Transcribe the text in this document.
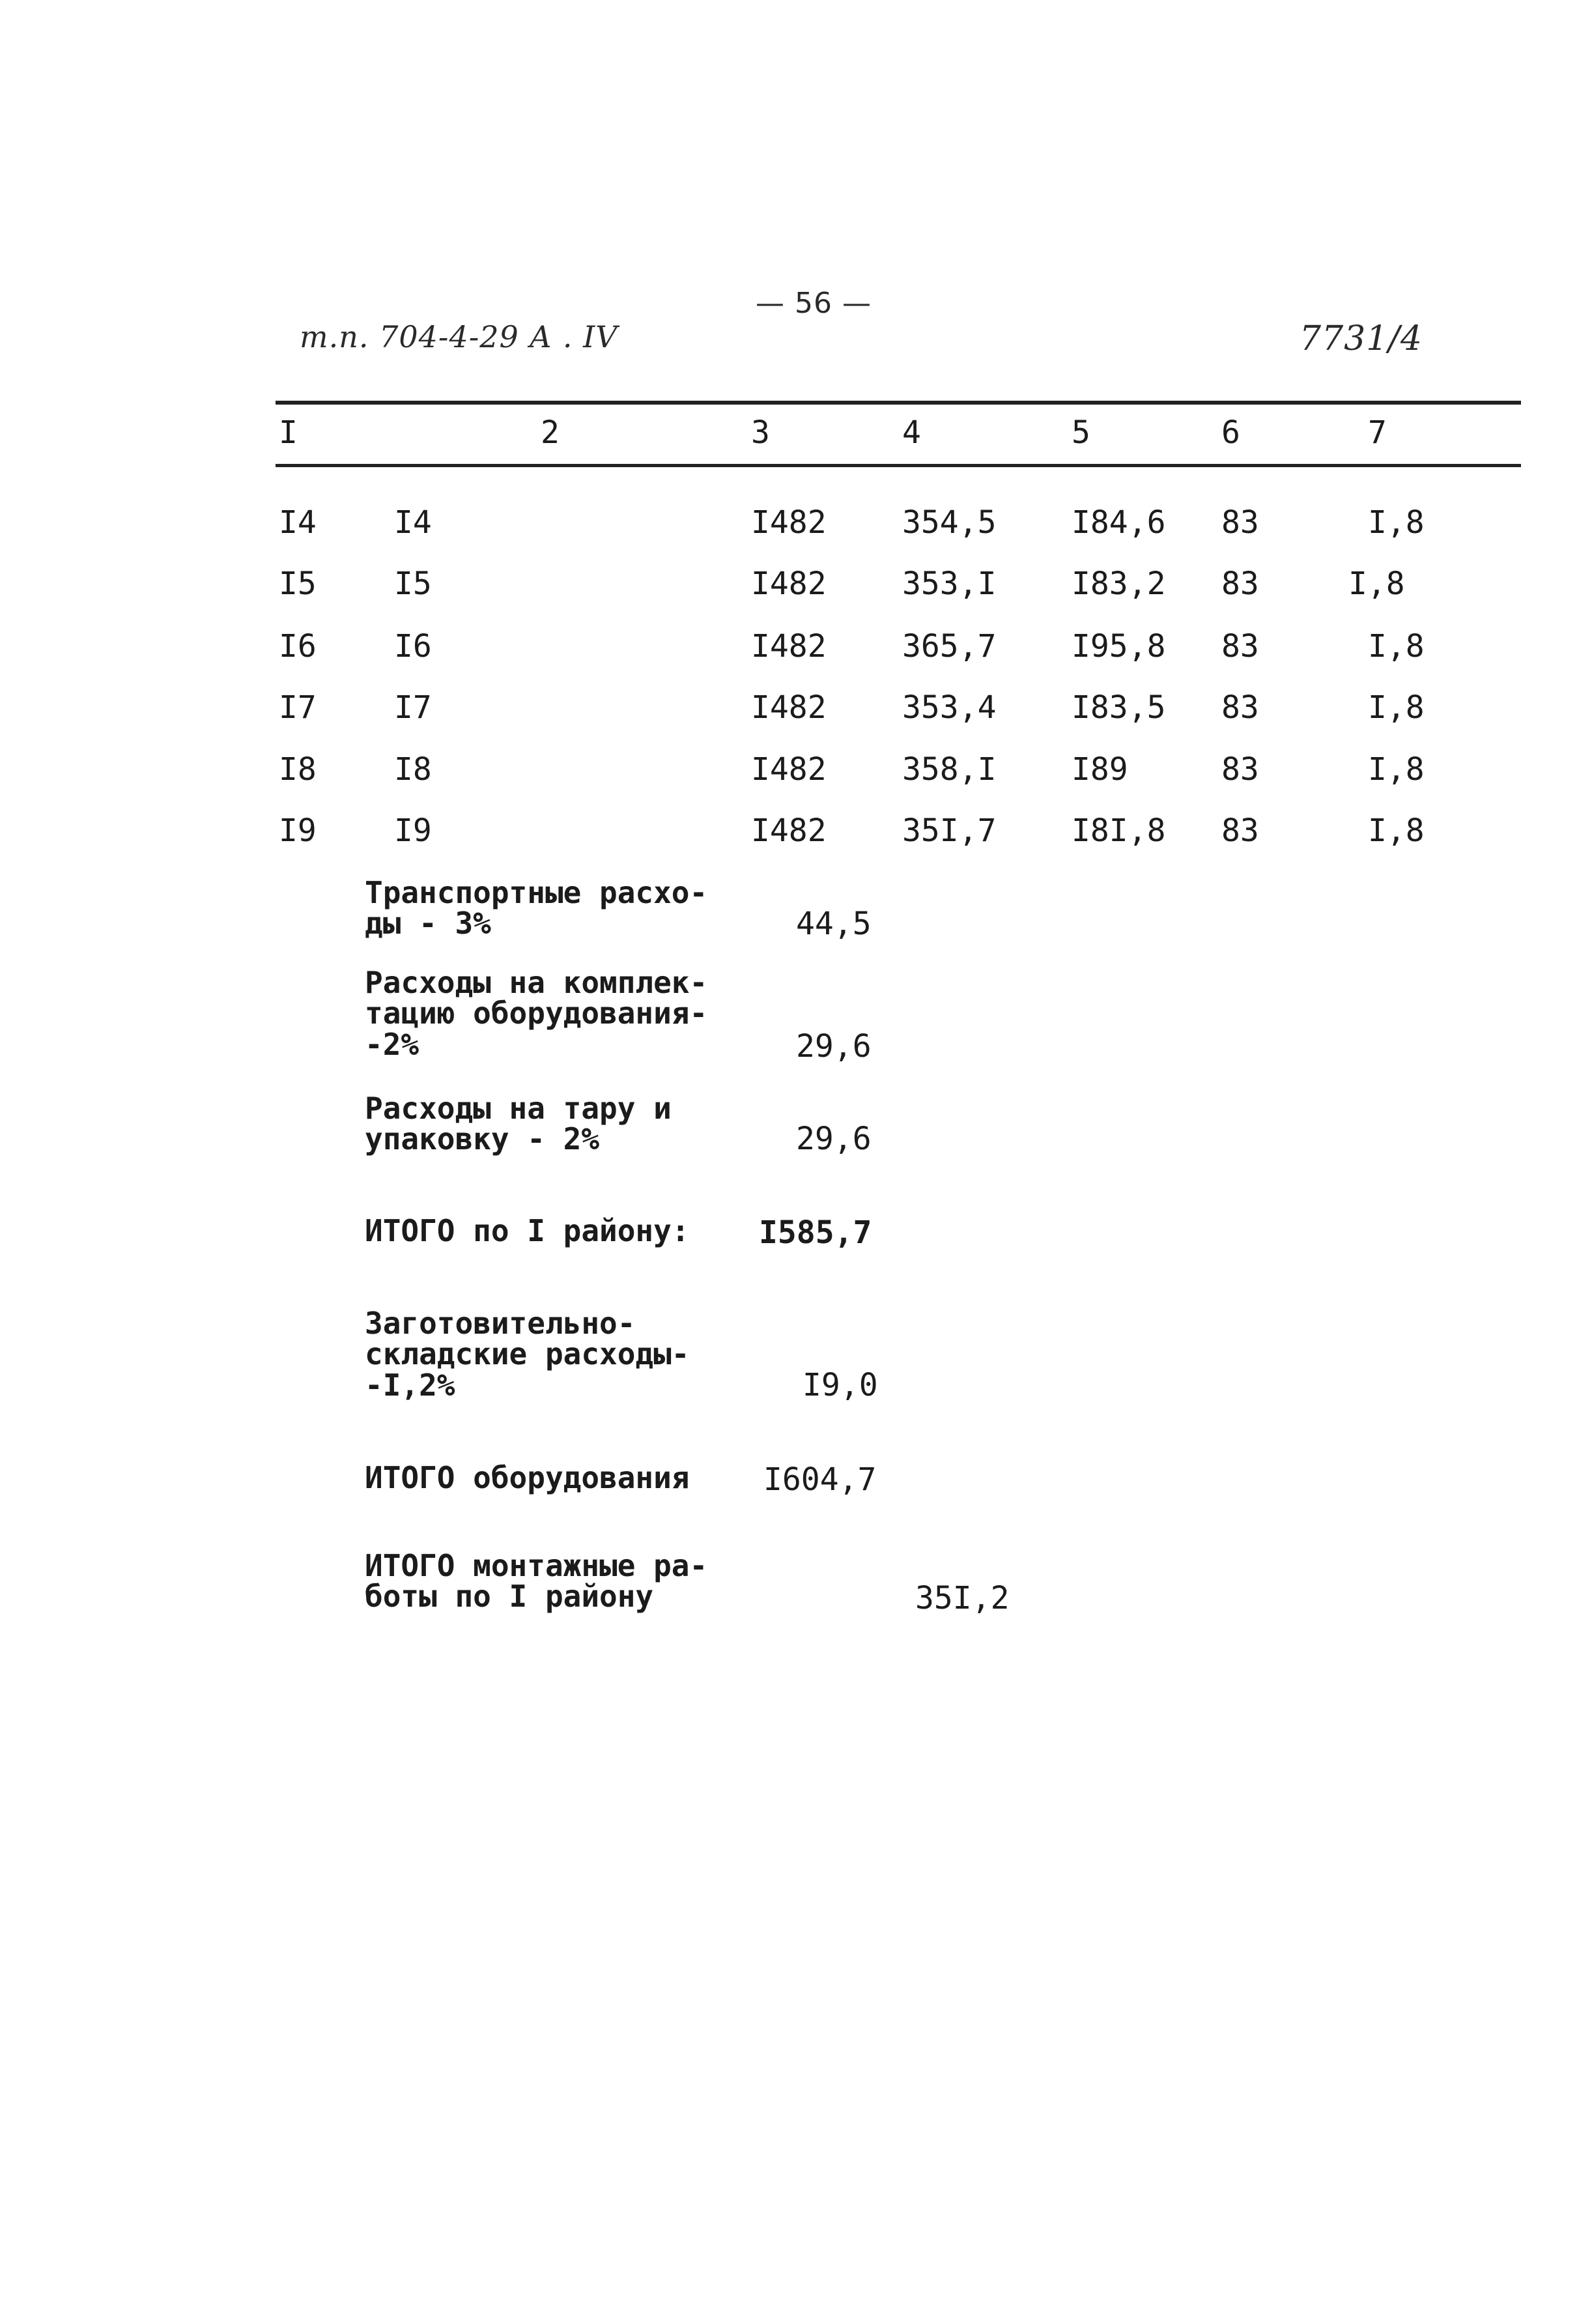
т.п. 704-4-29 А . IV
— 56 —
7731/4
I	2	3	4	5	6	7
I4 I4	I482 354,5 I84,6 83	I,8
I5 I5	I482 353,I I83,2 83	I,8
I6 I6	I482 365,7 I95,8 83	I,8
I7 I7	I482 353,4 I83,5 83	I,8
I8 I8	I482 358,I I89	83	I,8
I9 I9	I482 35I,7 I8I,8 83	I,8
Транспортные расхо-
ды - 3%	44,5
Расходы на комплек-
тацию оборудования-
-2%	29,6
Расходы на тару и
упаковку - 2%	29,6
ИТОГО по I району:	I585,7
Заготовительно-
складские расходы-
-I,2%	I9,0
ИТОГО оборудования	I604,7
ИТОГО монтажные ра-
боты по I району	35I,2
